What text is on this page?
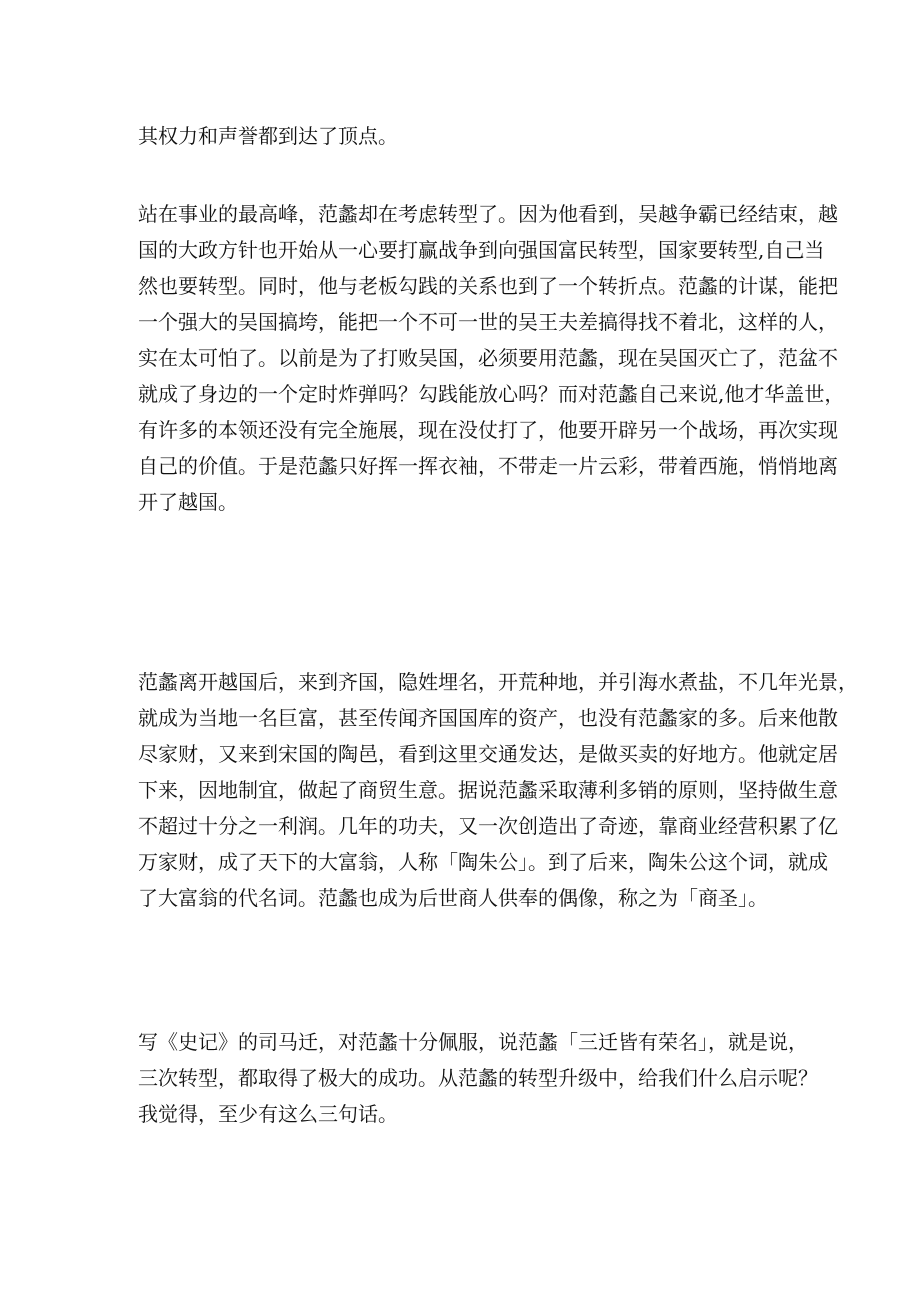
其权力和声誉都到达了顶点。
站在事业的最高峰，范蠡却在考虑转型了。因为他看到，吴越争霸已经结束，越
国的大政方针也开始从一心要打赢战争到向强国富民转型，国家要转型,自己当
然也要转型。同时，他与老板勾践的关系也到了一个转折点。范蠡的计谋，能把
一个强大的吴国搞垮，能把一个不可一世的吴王夫差搞得找不着北，这样的人，
实在太可怕了。以前是为了打败吴国，必须要用范蠡，现在吴国灭亡了，范盆不
就成了身边的一个定时炸弹吗？勾践能放心吗？而对范蠡自己来说,他才华盖世，
有许多的本领还没有完全施展，现在没仗打了，他要开辟另一个战场，再次实现
自己的价值。于是范蠡只好挥一挥衣袖，不带走一片云彩，带着西施，悄悄地离
开了越国。
范蠡离开越国后，来到齐国，隐姓埋名，开荒种地，并引海水煮盐，不几年光景，
就成为当地一名巨富，甚至传闻齐国国库的资产，也没有范蠡家的多。后来他散
尽家财，又来到宋国的陶邑，看到这里交通发达，是做买卖的好地方。他就定居
下来，因地制宜，做起了商贸生意。据说范蠡采取薄利多销的原则，坚持做生意
不超过十分之一利润。几年的功夫，又一次创造出了奇迹，靠商业经营积累了亿
万家财，成了天下的大富翁，人称「陶朱公」。到了后来，陶朱公这个词，就成
了大富翁的代名词。范蠡也成为后世商人供奉的偶像，称之为「商圣」。
写《史记》的司马迁，对范蠡十分佩服，说范蠡「三迁皆有荣名」，就是说，
三次转型，都取得了极大的成功。从范蠡的转型升级中，给我们什么启示呢？
我觉得，至少有这么三句话。
